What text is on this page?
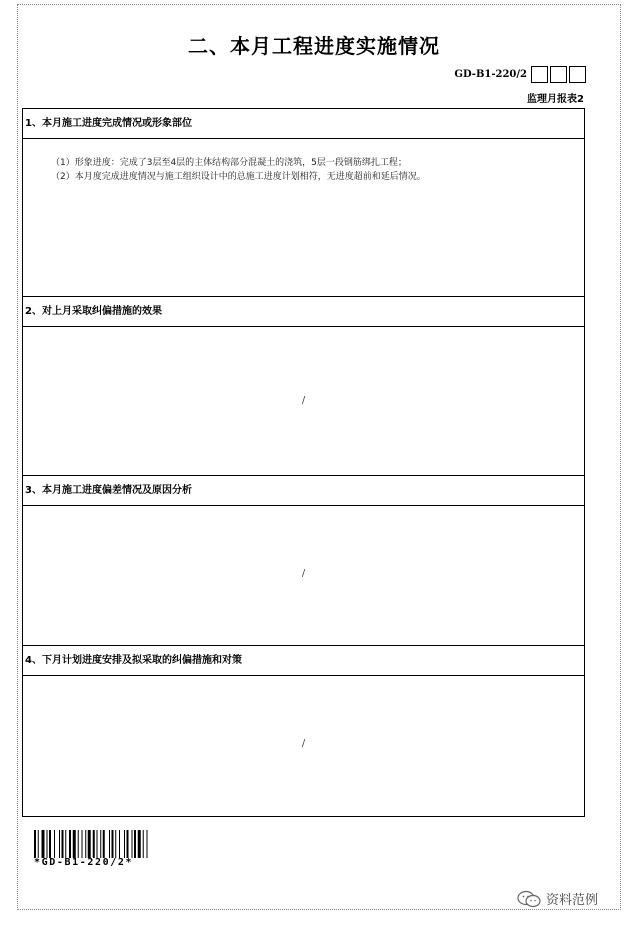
二、本月工程进度实施情况
GD-B1-220/2
监理月报表2
1、本月施工进度完成情况或形象部位
（1）形象进度：完成了3层至4层的主体结构部分混凝土的浇筑，5层一段钢筋绑扎工程；
（2）本月度完成进度情况与施工组织设计中的总施工进度计划相符，无进度超前和延后情况。
2、对上月采取纠偏措施的效果
/
3、本月施工进度偏差情况及原因分析
/
4、下月计划进度安排及拟采取的纠偏措施和对策
/
*GD-B1-220/2*
资料范例
